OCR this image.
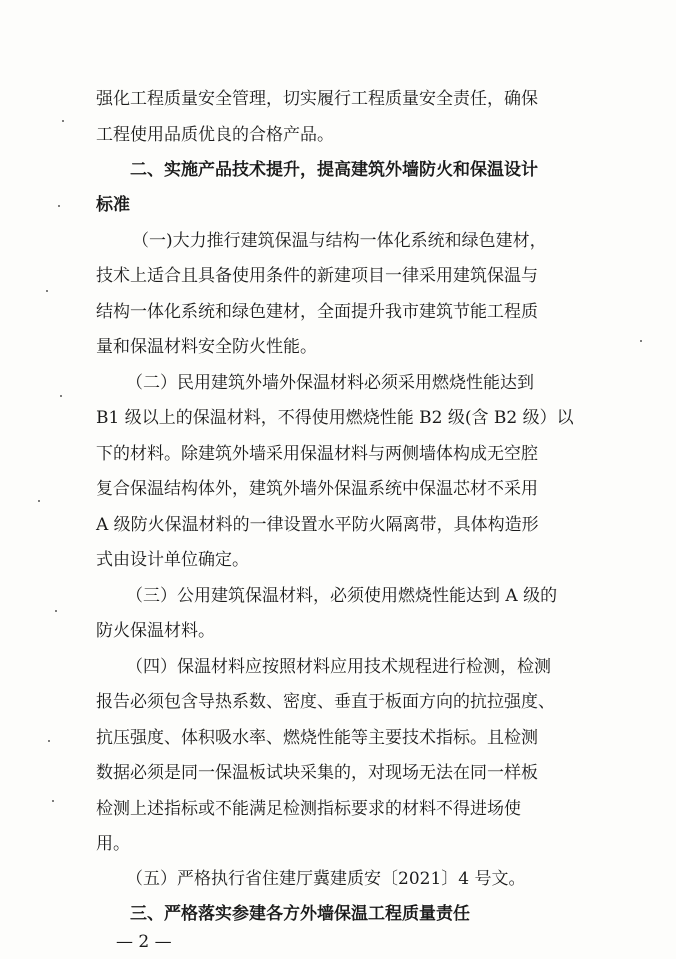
强化工程质量安全管理，切实履行工程质量安全责任，确保
工程使用品质优良的合格产品。
二、实施产品技术提升，提高建筑外墙防火和保温设计
标准
（一)大力推行建筑保温与结构一体化系统和绿色建材，
技术上适合且具备使用条件的新建项目一律采用建筑保温与
结构一体化系统和绿色建材，全面提升我市建筑节能工程质
量和保温材料安全防火性能。
（二）民用建筑外墙外保温材料必须采用燃烧性能达到
B1 级以上的保温材料，不得使用燃烧性能 B2 级(含 B2 级）以
下的材料。除建筑外墙采用保温材料与两侧墙体构成无空腔
复合保温结构体外，建筑外墙外保温系统中保温芯材不采用
A 级防火保温材料的一律设置水平防火隔离带，具体构造形
式由设计单位确定。
（三）公用建筑保温材料，必须使用燃烧性能达到 A 级的
防火保温材料。
（四）保温材料应按照材料应用技术规程进行检测，检测
报告必须包含导热系数、密度、垂直于板面方向的抗拉强度、
抗压强度、体积吸水率、燃烧性能等主要技术指标。且检测
数据必须是同一保温板试块采集的，对现场无法在同一样板
检测上述指标或不能满足检测指标要求的材料不得进场使
用。
（五）严格执行省住建厅冀建质安〔2021〕4 号文。
三、严格落实参建各方外墙保温工程质量责任
— 2 —
